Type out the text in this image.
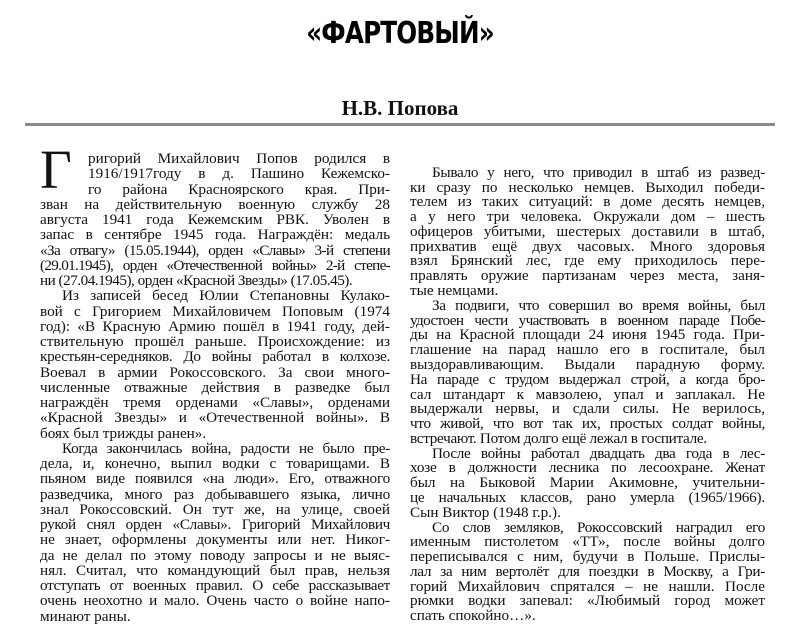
«ФАРТОВЫЙ»
Н.В. Попова
Г ригорий Михайлович Попов родился в
1916/1917году в д. Пашино Кежемско-
го района Красноярского края. При-
зван на действительную военную службу 28
августа 1941 года Кежемским РВК. Уволен в
запас в сентябре 1945 года. Награждён: медаль
«За отвагу» (15.05.1944), орден «Славы» 3-й степени
(29.01.1945), орден «Отечественной войны» 2-й степе-
ни (27.04.1945), орден «Красной Звезды» (17.05.45).
Из записей бесед Юлии Степановны Кулако-
вой с Григорием Михайловичем Поповым (1974
год): «В Красную Армию пошёл в 1941 году, дей-
ствительную прошёл раньше. Происхождение: из
крестьян-середняков. До войны работал в колхозе.
Воевал в армии Рокоссовского. За свои много-
численные отважные действия в разведке был
награждён тремя орденами «Славы», орденами
«Красной Звезды» и «Отечественной войны». В
боях был трижды ранен».
Когда закончилась война, радости не было пре-
дела, и, конечно, выпил водки с товарищами. В
пьяном виде появился «на люди». Его, отважного
разведчика, много раз добывавшего языка, лично
знал Рокоссовский. Он тут же, на улице, своей
рукой снял орден «Славы». Григорий Михайлович
не знает, оформлены документы или нет. Никог-
да не делал по этому поводу запросы и не выяс-
нял. Считал, что командующий был прав, нельзя
отступать от военных правил. О себе рассказывает
очень неохотно и мало. Очень часто о войне напо-
минают раны.
Бывало у него, что приводил в штаб из развед-
ки сразу по несколько немцев. Выходил победи-
телем из таких ситуаций: в доме десять немцев,
а у него три человека. Окружали дом – шесть
офицеров убитыми, шестерых доставили в штаб,
прихватив ещё двух часовых. Много здоровья
взял Брянский лес, где ему приходилось пере-
правлять оружие партизанам через места, заня-
тые немцами.
За подвиги, что совершил во время войны, был
удостоен чести участвовать в военном параде Побе-
ды на Красной площади 24 июня 1945 года. При-
глашение на парад нашло его в госпитале, был
выздоравливающим. Выдали парадную форму.
На параде с трудом выдержал строй, а когда бро-
сал штандарт к мавзолею, упал и заплакал. Не
выдержали нервы, и сдали силы. Не верилось,
что живой, что вот так их, простых солдат войны,
встречают. Потом долго ещё лежал в госпитале.
После войны работал двадцать два года в лес-
хозе в должности лесника по лесоохране. Женат
был на Быковой Марии Акимовне, учительни-
це начальных классов, рано умерла (1965/1966).
Сын Виктор (1948 г.р.).
Со слов земляков, Рокоссовский наградил его
именным пистолетом «ТТ», после войны долго
переписывался с ним, будучи в Польше. Прислы-
лал за ним вертолёт для поездки в Москву, а Гри-
горий Михайлович спрятался – не нашли. После
рюмки водки запевал: «Любимый город может
спать спокойно…».
